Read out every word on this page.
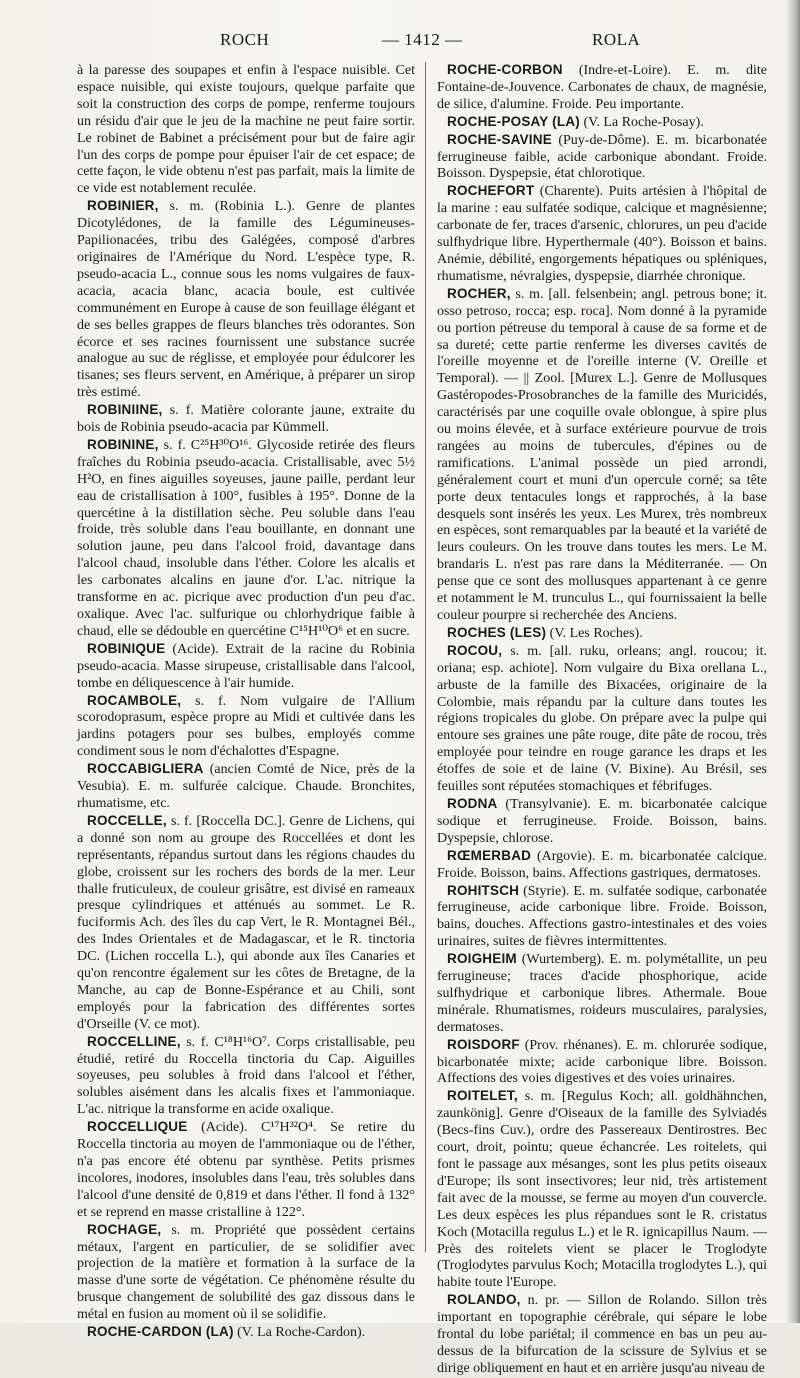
ROCH	— 1412 —	ROLA

à la paresse des soupapes et enfin à l'espace nuisible. Cet espace nuisible, qui existe toujours, quelque parfaite que soit la construction des corps de pompe, renferme toujours un résidu d'air que le jeu de la machine ne peut faire sortir. Le robinet de Babinet a précisément pour but de faire agir l'un des corps de pompe pour épuiser l'air de cet espace; de cette façon, le vide obtenu n'est pas parfait, mais la limite de ce vide est notablement reculée.

ROBINIER, s. m. (Robinia L.). Genre de plantes Dicotylédones, de la famille des Légumineuses-Papilionacées, tribu des Galégées, composé d'arbres originaires de l'Amérique du Nord. L'espèce type, R. pseudo-acacia L., connue sous les noms vulgaires de faux-acacia, acacia blanc, acacia boule, est cultivée communément en Europe à cause de son feuillage élégant et de ses belles grappes de fleurs blanches très odorantes. Son écorce et ses racines fournissent une substance sucrée analogue au suc de réglisse, et employée pour édulcorer les tisanes; ses fleurs servent, en Amérique, à préparer un sirop très estimé.

ROBINIINE, s. f. Matière colorante jaune, extraite du bois de Robinia pseudo-acacia par Kümmell.

ROBININE, s. f. C²⁵H³⁰O¹⁶. Glycoside retirée des fleurs fraîches du Robinia pseudo-acacia. Cristallisable, avec 5½ H²O, en fines aiguilles soyeuses, jaune paille, perdant leur eau de cristallisation à 100°, fusibles à 195°. Donne de la quercétine à la distillation sèche. Peu soluble dans l'eau froide, très soluble dans l'eau bouillante, en donnant une solution jaune, peu dans l'alcool froid, davantage dans l'alcool chaud, insoluble dans l'éther. Colore les alcalis et les carbonates alcalins en jaune d'or. L'ac. nitrique la transforme en ac. picrique avec production d'un peu d'ac. oxalique. Avec l'ac. sulfurique ou chlorhydrique faible à chaud, elle se dédouble en quercétine C¹⁵H¹⁰O⁶ et en sucre.

ROBINIQUE (Acide). Extrait de la racine du Robinia pseudo-acacia. Masse sirupeuse, cristallisable dans l'alcool, tombe en déliquescence à l'air humide.

ROCAMBOLE, s. f. Nom vulgaire de l'Allium scorodoprasum, espèce propre au Midi et cultivée dans les jardins potagers pour ses bulbes, employés comme condiment sous le nom d'échalottes d'Espagne.

ROCCABIGLIERA (ancien Comté de Nice, près de la Vesubia). E. m. sulfurée calcique. Chaude. Bronchites, rhumatisme, etc.

ROCCELLE, s. f. [Roccella DC.]. Genre de Lichens, qui a donné son nom au groupe des Roccellées et dont les représentants, répandus surtout dans les régions chaudes du globe, croissent sur les rochers des bords de la mer. Leur thalle fruticuleux, de couleur grisâtre, est divisé en rameaux presque cylindriques et atténués au sommet. Le R. fuciformis Ach. des îles du cap Vert, le R. Montagnei Bél., des Indes Orientales et de Madagascar, et le R. tinctoria DC. (Lichen roccella L.), qui abonde aux îles Canaries et qu'on rencontre également sur les côtes de Bretagne, de la Manche, au cap de Bonne-Espérance et au Chili, sont employés pour la fabrication des différentes sortes d'Orseille (V. ce mot).

ROCCELLINE, s. f. C¹⁸H¹⁶O⁷. Corps cristallisable, peu étudié, retiré du Roccella tinctoria du Cap. Aiguilles soyeuses, peu solubles à froid dans l'alcool et l'éther, solubles aisément dans les alcalis fixes et l'ammoniaque. L'ac. nitrique la transforme en acide oxalique.

ROCCELLIQUE (Acide). C¹⁷H³²O⁴. Se retire du Roccella tinctoria au moyen de l'ammoniaque ou de l'éther, n'a pas encore été obtenu par synthèse. Petits prismes incolores, inodores, insolubles dans l'eau, très solubles dans l'alcool d'une densité de 0,819 et dans l'éther. Il fond à 132° et se reprend en masse cristalline à 122°.

ROCHAGE, s. m. Propriété que possèdent certains métaux, l'argent en particulier, de se solidifier avec projection de la matière et formation à la surface de la masse d'une sorte de végétation. Ce phénomène résulte du brusque changement de solubilité des gaz dissous dans le métal en fusion au moment où il se solidifie.

ROCHE-CARDON (LA) (V. La Roche-Cardon).

ROCHE-CORBON (Indre-et-Loire). E. m. dite Fontaine-de-Jouvence. Carbonates de chaux, de magnésie, de silice, d'alumine. Froide. Peu importante.

ROCHE-POSAY (LA) (V. La Roche-Posay).

ROCHE-SAVINE (Puy-de-Dôme). E. m. bicarbonatée ferrugineuse faible, acide carbonique abondant. Froide. Boisson. Dyspepsie, état chlorotique.

ROCHEFORT (Charente). Puits artésien à l'hôpital de la marine : eau sulfatée sodique, calcique et magnésienne; carbonate de fer, traces d'arsenic, chlorures, un peu d'acide sulfhydrique libre. Hyperthermale (40°). Boisson et bains. Anémie, débilité, engorgements hépatiques ou spléniques, rhumatisme, névralgies, dyspepsie, diarrhée chronique.

ROCHER, s. m. [all. felsenbein; angl. petrous bone; it. osso petroso, rocca; esp. roca]. Nom donné à la pyramide ou portion pétreuse du temporal à cause de sa forme et de sa dureté; cette partie renferme les diverses cavités de l'oreille moyenne et de l'oreille interne (V. Oreille et Temporal). — || Zool. [Murex L.]. Genre de Mollusques Gastéropodes-Prosobranches de la famille des Muricidés, caractérisés par une coquille ovale oblongue, à spire plus ou moins élevée, et à surface extérieure pourvue de trois rangées au moins de tubercules, d'épines ou de ramifications. L'animal possède un pied arrondi, généralement court et muni d'un opercule corné; sa tête porte deux tentacules longs et rapprochés, à la base desquels sont insérés les yeux. Les Murex, très nombreux en espèces, sont remarquables par la beauté et la variété de leurs couleurs. On les trouve dans toutes les mers. Le M. brandaris L. n'est pas rare dans la Méditerranée. — On pense que ce sont des mollusques appartenant à ce genre et notamment le M. trunculus L., qui fournissaient la belle couleur pourpre si recherchée des Anciens.

ROCHES (LES) (V. Les Roches).

ROCOU, s. m. [all. ruku, orleans; angl. roucou; it. oriana; esp. achiote]. Nom vulgaire du Bixa orellana L., arbuste de la famille des Bixacées, originaire de la Colombie, mais répandu par la culture dans toutes les régions tropicales du globe. On prépare avec la pulpe qui entoure ses graines une pâte rouge, dite pâte de rocou, très employée pour teindre en rouge garance les draps et les étoffes de soie et de laine (V. Bixine). Au Brésil, ses feuilles sont réputées stomachiques et fébrifuges.

RODNA (Transylvanie). E. m. bicarbonatée calcique sodique et ferrugineuse. Froide. Boisson, bains. Dyspepsie, chlorose.

RŒMERBAD (Argovie). E. m. bicarbonatée calcique. Froide. Boisson, bains. Affections gastriques, dermatoses.

ROHITSCH (Styrie). E. m. sulfatée sodique, carbonatée ferrugineuse, acide carbonique libre. Froide. Boisson, bains, douches. Affections gastro-intestinales et des voies urinaires, suites de fièvres intermittentes.

ROIGHEIM (Wurtemberg). E. m. polymétallite, un peu ferrugineuse; traces d'acide phosphorique, acide sulfhydrique et carbonique libres. Athermale. Boue minérale. Rhumatismes, roideurs musculaires, paralysies, dermatoses.

ROISDORF (Prov. rhénanes). E. m. chlorurée sodique, bicarbonatée mixte; acide carbonique libre. Boisson. Affections des voies digestives et des voies urinaires.

ROITELET, s. m. [Regulus Koch; all. goldhähnchen, zaunkönig]. Genre d'Oiseaux de la famille des Sylviadés (Becs-fins Cuv.), ordre des Passereaux Dentirostres. Bec court, droit, pointu; queue échancrée. Les roitelets, qui font le passage aux mésanges, sont les plus petits oiseaux d'Europe; ils sont insectivores; leur nid, très artistement fait avec de la mousse, se ferme au moyen d'un couvercle. Les deux espèces les plus répandues sont le R. cristatus Koch (Motacilla regulus L.) et le R. ignicapillus Naum. — Près des roitelets vient se placer le Troglodyte (Troglodytes parvulus Koch; Motacilla troglodytes L.), qui habite toute l'Europe.

ROLANDO, n. pr. — Sillon de Rolando. Sillon très important en topographie cérébrale, qui sépare le lobe frontal du lobe pariétal; il commence en bas un peu au-dessus de la bifurcation de la scissure de Sylvius et se dirige obliquement en haut et en arrière jusqu'au niveau de
